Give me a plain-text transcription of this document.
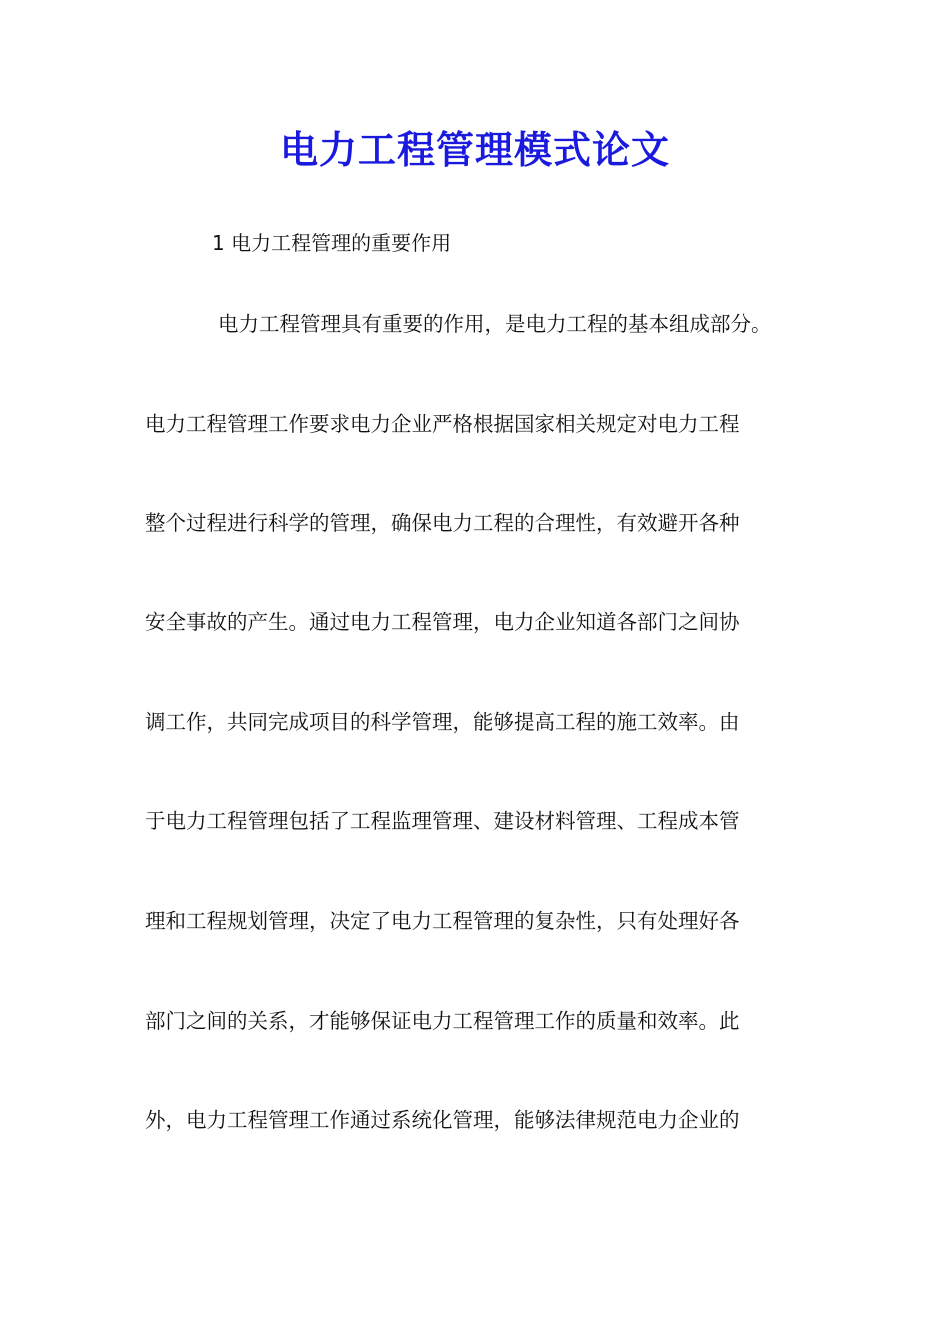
电力工程管理模式论文
1 电力工程管理的重要作用
电力工程管理具有重要的作用，是电力工程的基本组成部分。
电力工程管理工作要求电力企业严格根据国家相关规定对电力工程
整个过程进行科学的管理，确保电力工程的合理性，有效避开各种
安全事故的产生。通过电力工程管理，电力企业知道各部门之间协
调工作，共同完成项目的科学管理，能够提高工程的施工效率。由
于电力工程管理包括了工程监理管理、建设材料管理、工程成本管
理和工程规划管理，决定了电力工程管理的复杂性，只有处理好各
部门之间的关系，才能够保证电力工程管理工作的质量和效率。此
外，电力工程管理工作通过系统化管理，能够法律规范电力企业的
